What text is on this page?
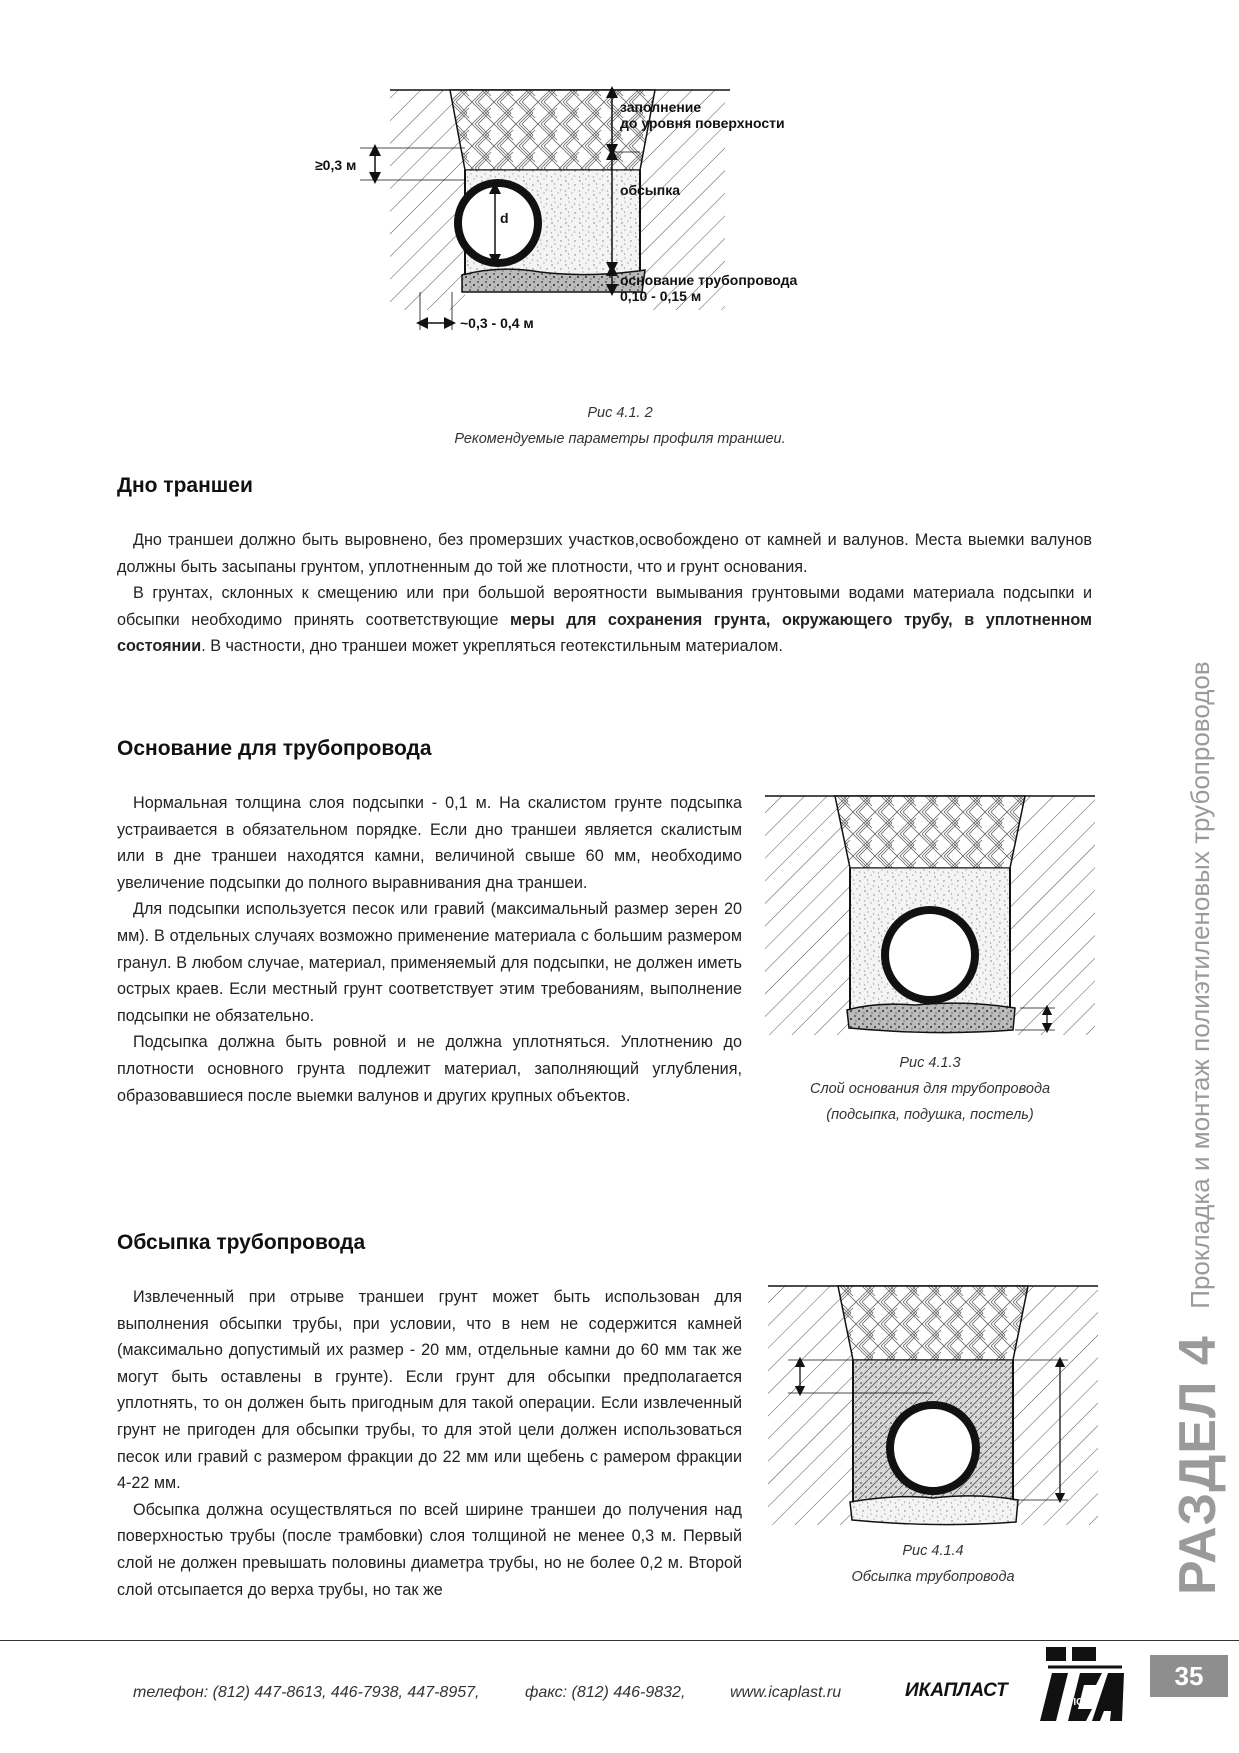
d
≥0,3 м
заполнение
до уровня поверхности
обсыпка
основание трубопровода
0,10 - 0,15 м
~0,3 - 0,4 м
Рис 4.1. 2
Рекомендуемые параметры профиля траншеи.
Дно траншеи

Дно траншеи должно быть выровнено, без промерзших участков,освобождено от камней и валунов. Места выемки валунов должны быть засыпаны грунтом, уплотненным до той же плотности, что и грунт основания.

В грунтах, склонных к смещению или при большой вероятности вымывания грунтовыми водами материала подсыпки и обсыпки необходимо принять соответствующие меры для сохранения грунта, окружающего трубу, в уплотненном состоянии. В частности, дно траншеи может укрепляться геотекстильным материалом.

Основание для трубопровода

Нормальная толщина слоя подсыпки - 0,1 м. На скалистом грунте подсыпка устраивается в обязательном порядке. Если дно траншеи является скалистым или в дне траншеи находятся камни, величиной свыше 60 мм, необходимо увеличение подсыпки до полного выравнивания дна траншеи.

Для подсыпки используется песок или гравий (максимальный размер зерен 20 мм). В отдельных случаях возможно применение материала с большим размером гранул. В любом случае, материал, применяемый для подсыпки, не должен иметь острых краев. Если местный грунт соответствует этим требованиям, выполнение подсыпки не обязательно.

Подсыпка должна быть ровной и не должна уплотняться. Уплотнению до плотности основного грунта подлежит материал, заполняющий углубления, образовавшиеся после выемки валунов и других крупных объектов.

Рис 4.1.3
Слой основания для трубопровода
(подсыпка, подушка, постель)
Обсыпка трубопровода

Извлеченный при отрыве траншеи грунт может быть использован для выполнения обсыпки трубы, при условии, что в нем не содержится камней (максимально допустимый их размер - 20 мм, отдельные камни до 60 мм так же могут быть оставлены в грунте). Если грунт для обсыпки предполагается уплотнять, то он должен быть пригодным для такой операции. Если извлеченный грунт не пригоден для обсыпки трубы, то для этой цели должен использоваться песок или гравий с размером фракции до 22 мм или щебень с рамером фракции 4-22 мм.

Обсыпка должна осуществляться по всей ширине траншеи до получения над поверхностью трубы (после трамбовки) слоя толщиной не менее 0,3 м. Первый слой не должен превышать половины диаметра трубы, но не более 0,2 м. Второй слой отсыпается до верха трубы, но так же

Рис 4.1.4
Обсыпка трубопровода	РАЗДЕЛ 4 Прокладка и монтаж полиэтиленовых трубопроводов
телефон: (812) 447-8613, 446-7938, 447-8957,	факс: (812) 446-9832,	www.icaplast.ru	ИКАПЛАСТ
ICA
35
